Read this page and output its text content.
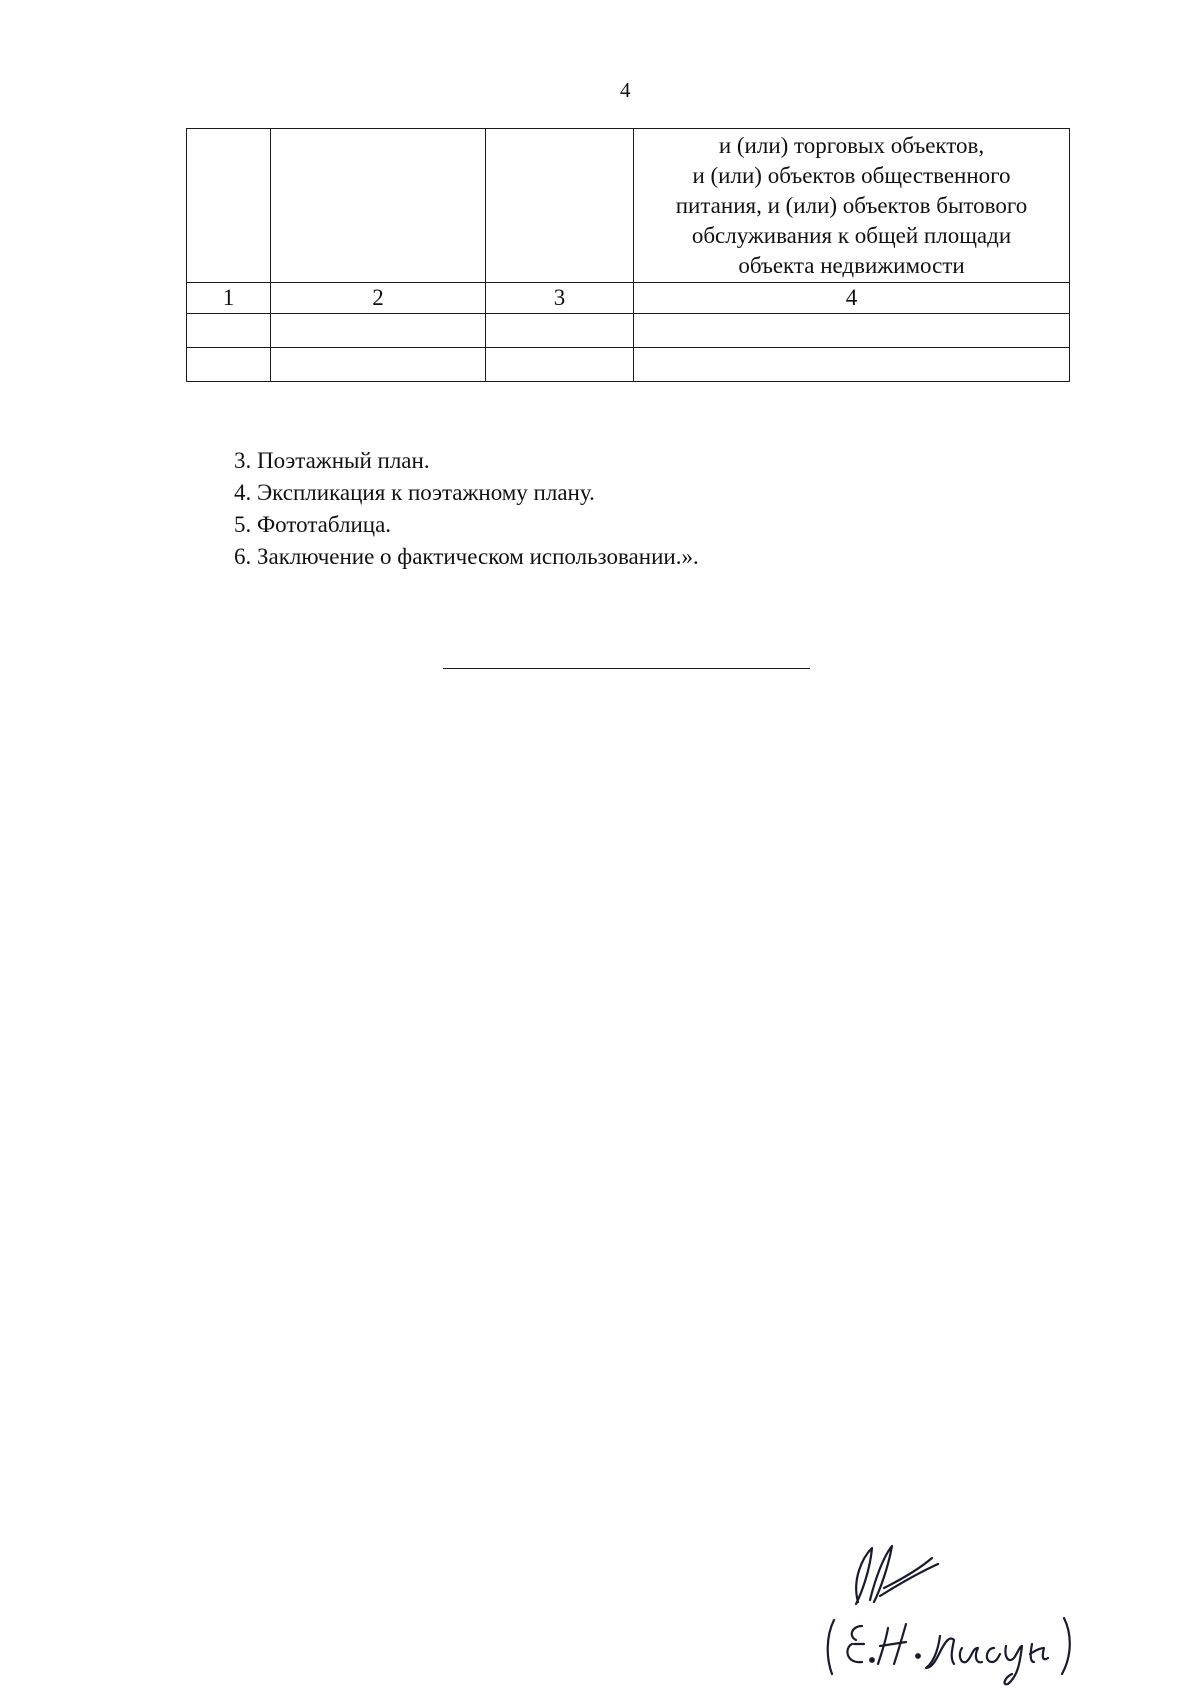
4

			и (или) торговых объектов,
и (или) объектов общественного
питания, и (или) объектов бытового
обслуживания к общей площади
объекта недвижимости

1	2	3	4

3. Поэтажный план.
4. Экспликация к поэтажному плану.
5. Фототаблица.
6. Заключение о фактическом использовании.».
